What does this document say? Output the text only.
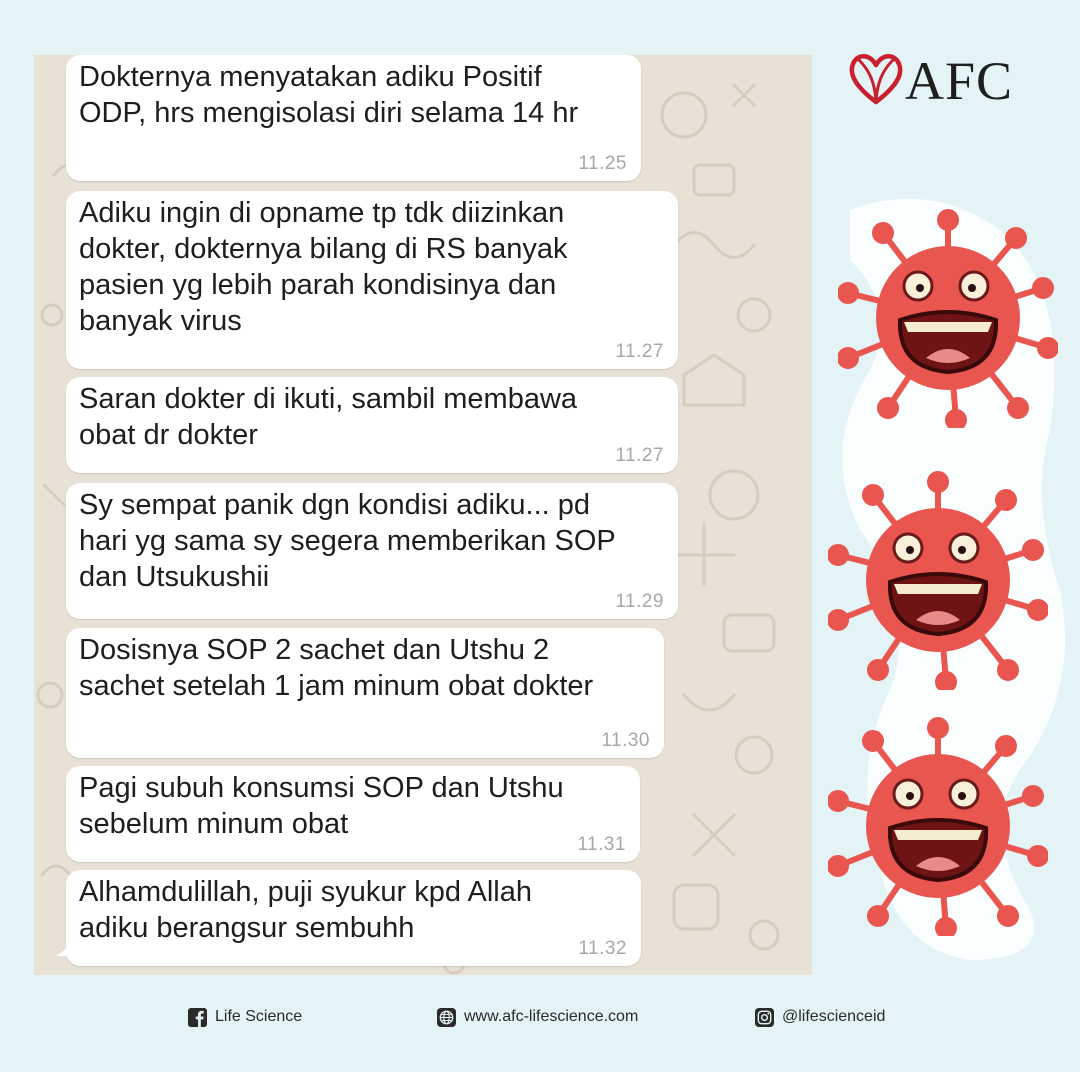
Dokternya menyatakan adiku Positif
ODP, hrs mengisolasi diri selama 14 hr
11.25
Adiku ingin di opname tp tdk diizinkan
dokter, dokternya bilang di RS banyak
pasien yg lebih parah kondisinya dan
banyak virus
11.27
Saran dokter di ikuti, sambil membawa
obat dr dokter
11.27
Sy sempat panik dgn kondisi adiku... pd
hari yg sama sy segera memberikan SOP
dan Utsukushii
11.29
Dosisnya SOP 2 sachet dan Utshu 2
sachet setelah 1 jam minum obat dokter
11.30
Pagi subuh konsumsi SOP dan Utshu
sebelum minum obat
11.31
Alhamdulillah, puji syukur kpd Allah
adiku berangsur sembuhh
11.32
AFC
Life Science	www.afc-lifescience.com	@lifescienceid
